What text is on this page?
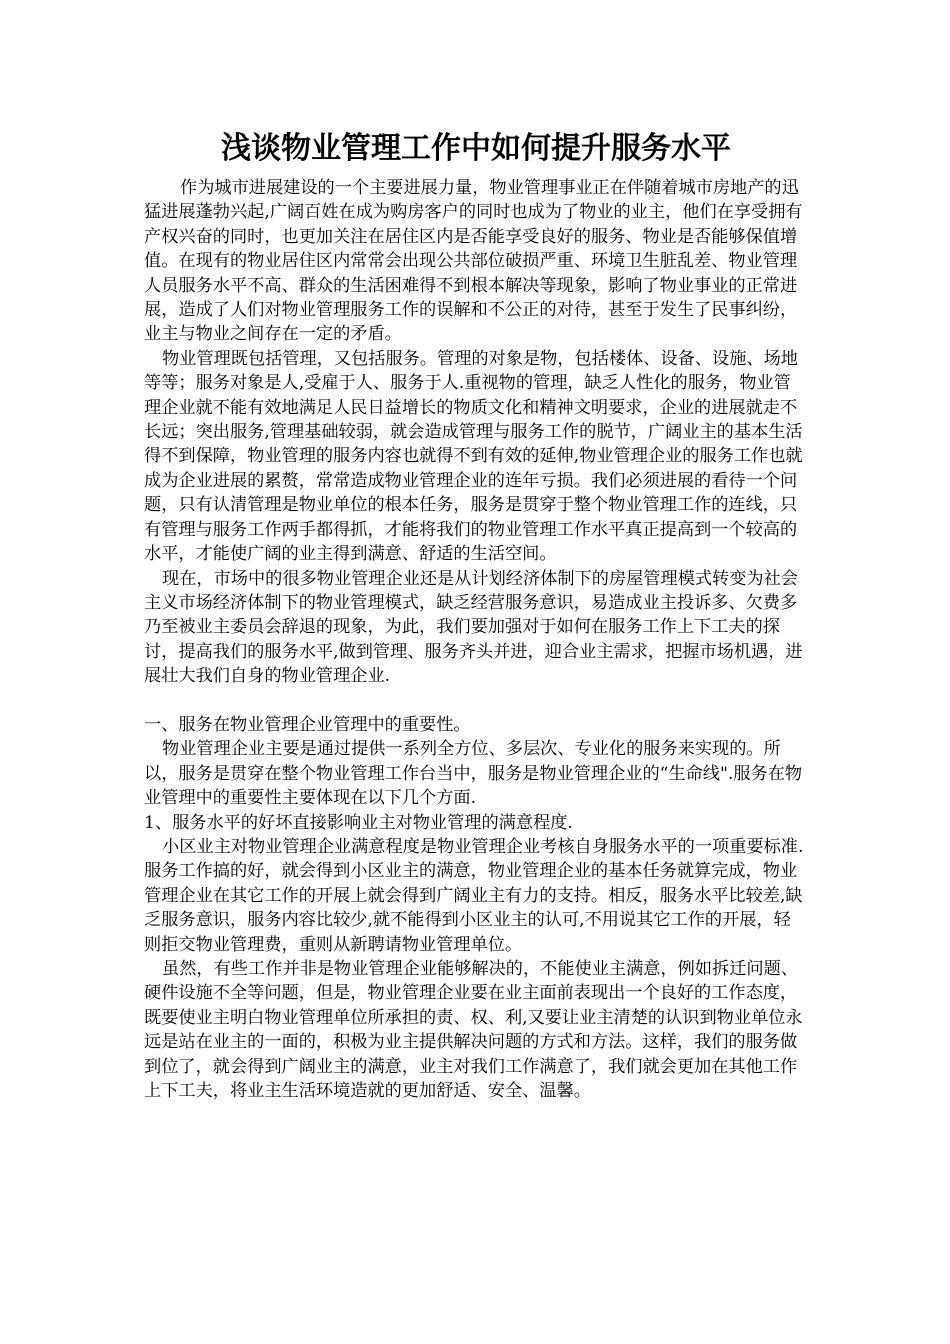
浅谈物业管理工作中如何提升服务水平

作为城市进展建设的一个主要进展力量，物业管理事业正在伴随着城市房地产的迅猛进展蓬勃兴起,广阔百姓在成为购房客户的同时也成为了物业的业主，他们在享受拥有产权兴奋的同时，也更加关注在居住区内是否能享受良好的服务、物业是否能够保值增值。在现有的物业居住区内常常会出现公共部位破损严重、环境卫生脏乱差、物业管理人员服务水平不高、群众的生活困难得不到根本解决等现象，影响了物业事业的正常进展，造成了人们对物业管理服务工作的误解和不公正的对待，甚至于发生了民事纠纷，业主与物业之间存在一定的矛盾。

物业管理既包括管理，又包括服务。管理的对象是物，包括楼体、设备、设施、场地等等；服务对象是人,受雇于人、服务于人.重视物的管理，缺乏人性化的服务，物业管理企业就不能有效地满足人民日益增长的物质文化和精神文明要求，企业的进展就走不长远；突出服务,管理基础较弱，就会造成管理与服务工作的脱节，广阔业主的基本生活得不到保障，物业管理的服务内容也就得不到有效的延伸,物业管理企业的服务工作也就成为企业进展的累赘，常常造成物业管理企业的连年亏损。我们必须进展的看待一个问题，只有认清管理是物业单位的根本任务，服务是贯穿于整个物业管理工作的连线，只有管理与服务工作两手都得抓，才能将我们的物业管理工作水平真正提高到一个较高的水平，才能使广阔的业主得到满意、舒适的生活空间。

现在，市场中的很多物业管理企业还是从计划经济体制下的房屋管理模式转变为社会主义市场经济体制下的物业管理模式，缺乏经营服务意识，易造成业主投诉多、欠费多乃至被业主委员会辞退的现象，为此，我们要加强对于如何在服务工作上下工夫的探讨，提高我们的服务水平,做到管理、服务齐头并进，迎合业主需求，把握市场机遇，进展壮大我们自身的物业管理企业.

一、服务在物业管理企业管理中的重要性。

物业管理企业主要是通过提供一系列全方位、多层次、专业化的服务来实现的。所以，服务是贯穿在整个物业管理工作台当中，服务是物业管理企业的“生命线".服务在物业管理中的重要性主要体现在以下几个方面.

1、服务水平的好坏直接影响业主对物业管理的满意程度.

小区业主对物业管理企业满意程度是物业管理企业考核自身服务水平的一项重要标准.服务工作搞的好，就会得到小区业主的满意，物业管理企业的基本任务就算完成，物业管理企业在其它工作的开展上就会得到广阔业主有力的支持。相反，服务水平比较差,缺乏服务意识，服务内容比较少,就不能得到小区业主的认可,不用说其它工作的开展，轻则拒交物业管理费，重则从新聘请物业管理单位。

虽然，有些工作并非是物业管理企业能够解决的，不能使业主满意，例如拆迁问题、硬件设施不全等问题，但是，物业管理企业要在业主面前表现出一个良好的工作态度，既要使业主明白物业管理单位所承担的责、权、利,又要让业主清楚的认识到物业单位永远是站在业主的一面的，积极为业主提供解决问题的方式和方法。这样，我们的服务做到位了，就会得到广阔业主的满意，业主对我们工作满意了，我们就会更加在其他工作上下工夫，将业主生活环境造就的更加舒适、安全、温馨。
